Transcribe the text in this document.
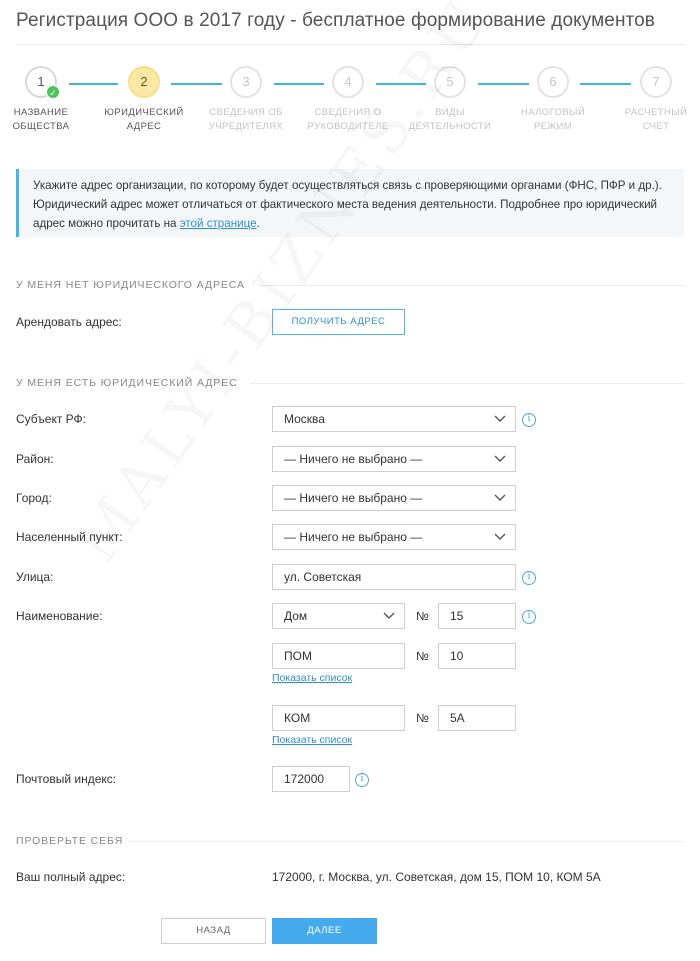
Регистрация ООО в 2017 году - бесплатное формирование документов
1
✓
НАЗВАНИЕ
ОБЩЕСТВА
2
ЮРИДИЧЕСКИЙ
АДРЕС
3
СВЕДЕНИЯ ОБ
УЧРЕДИТЕЛЯХ
4
СВЕДЕНИЯ О
РУКОВОДИТЕЛЕ
5
ВИДЫ
ДЕЯТЕЛЬНОСТИ
6
НАЛОГОВЫЙ
РЕЖИМ
7
РАСЧЕТНЫЙ
СЧЕТ
Укажите адрес организации, по которому будет осуществляться связь с проверяющими органами (ФНС, ПФР и др.). Юридический адрес может отличаться от фактического места ведения деятельности. Подробнее про юридический адрес можно прочитать на этой странице.
У МЕНЯ НЕТ ЮРИДИЧЕСКОГО АДРЕСА
Арендовать адрес:	ПОЛУЧИТЬ АДРЕС
У МЕНЯ ЕСТЬ ЮРИДИЧЕСКИЙ АДРЕС
Субъект РФ:	Москва	i
Район:	— Ничего не выбрано —
Город:	— Ничего не выбрано —
Населенный пункт:	— Ничего не выбрано —
Улица:	ул. Советская	i
Наименование:	Дом	№	15	i
ПОМ	№	10
Показать список
КОМ	№	5А
Показать список
Почтовый индекс:	172000	i
ПРОВЕРЬТЕ СЕБЯ
Ваш полный адрес:	172000, г. Москва, ул. Советская, дом 15, ПОМ 10, КОМ 5А
НАЗАД	ДАЛЕЕ
